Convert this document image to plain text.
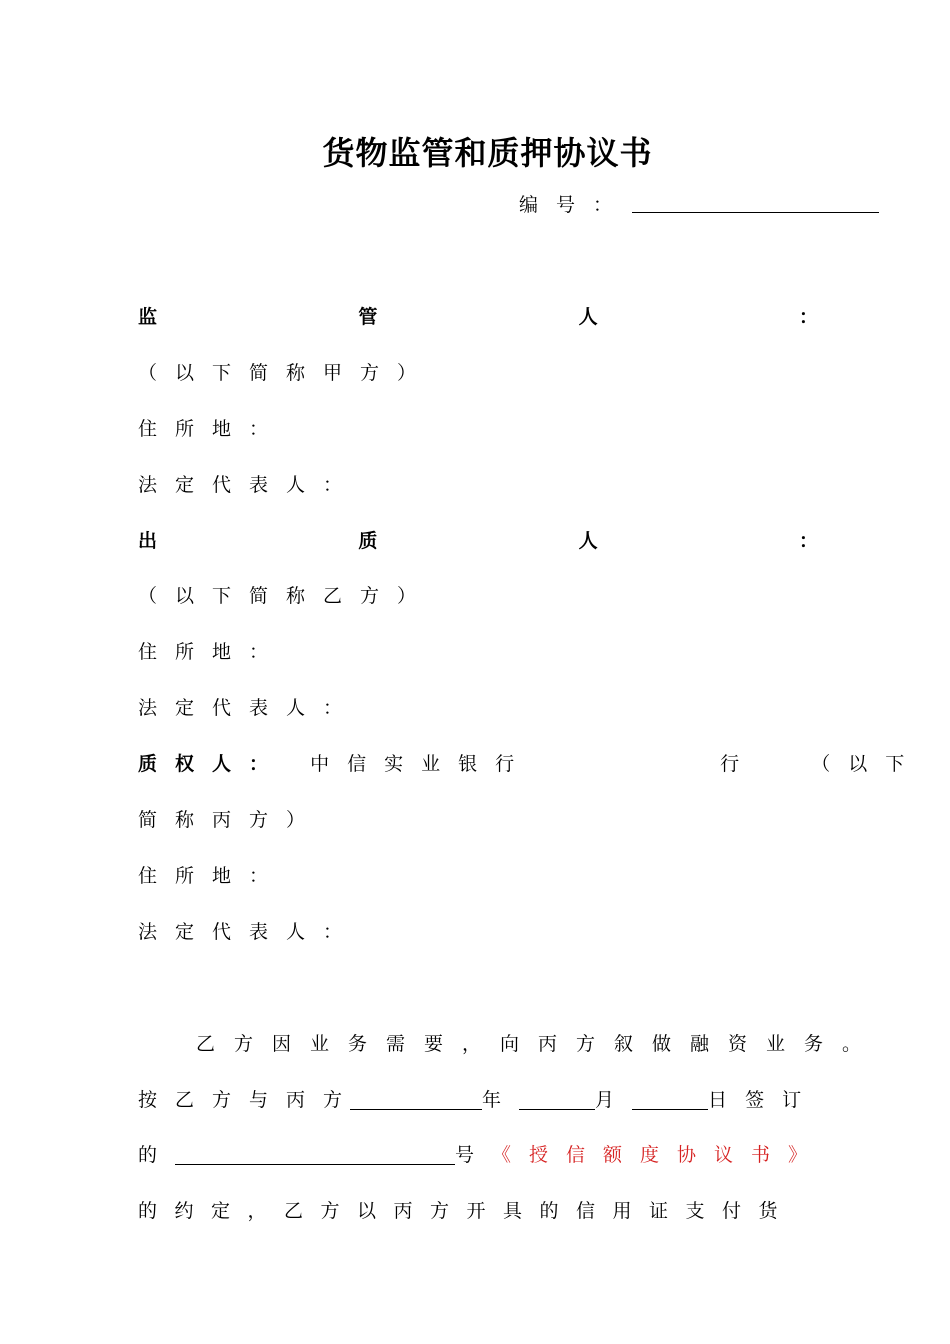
货物监管和质押协议书
编号：
监	管	人	：
（以下简称甲方）
住所地：
法定代表人：
出	质	人	：
（以下简称乙方）
住所地：
法定代表人：
质权人： 中信实业银行	行	（以下
简称丙方）
住所地：
法定代表人：
乙方因业务需要，向丙方叙做融资业务。
按乙方与丙方	年	月	日签订
的	号《授信额度协议书》
的约定，乙方以丙方开具的信用证支付货
